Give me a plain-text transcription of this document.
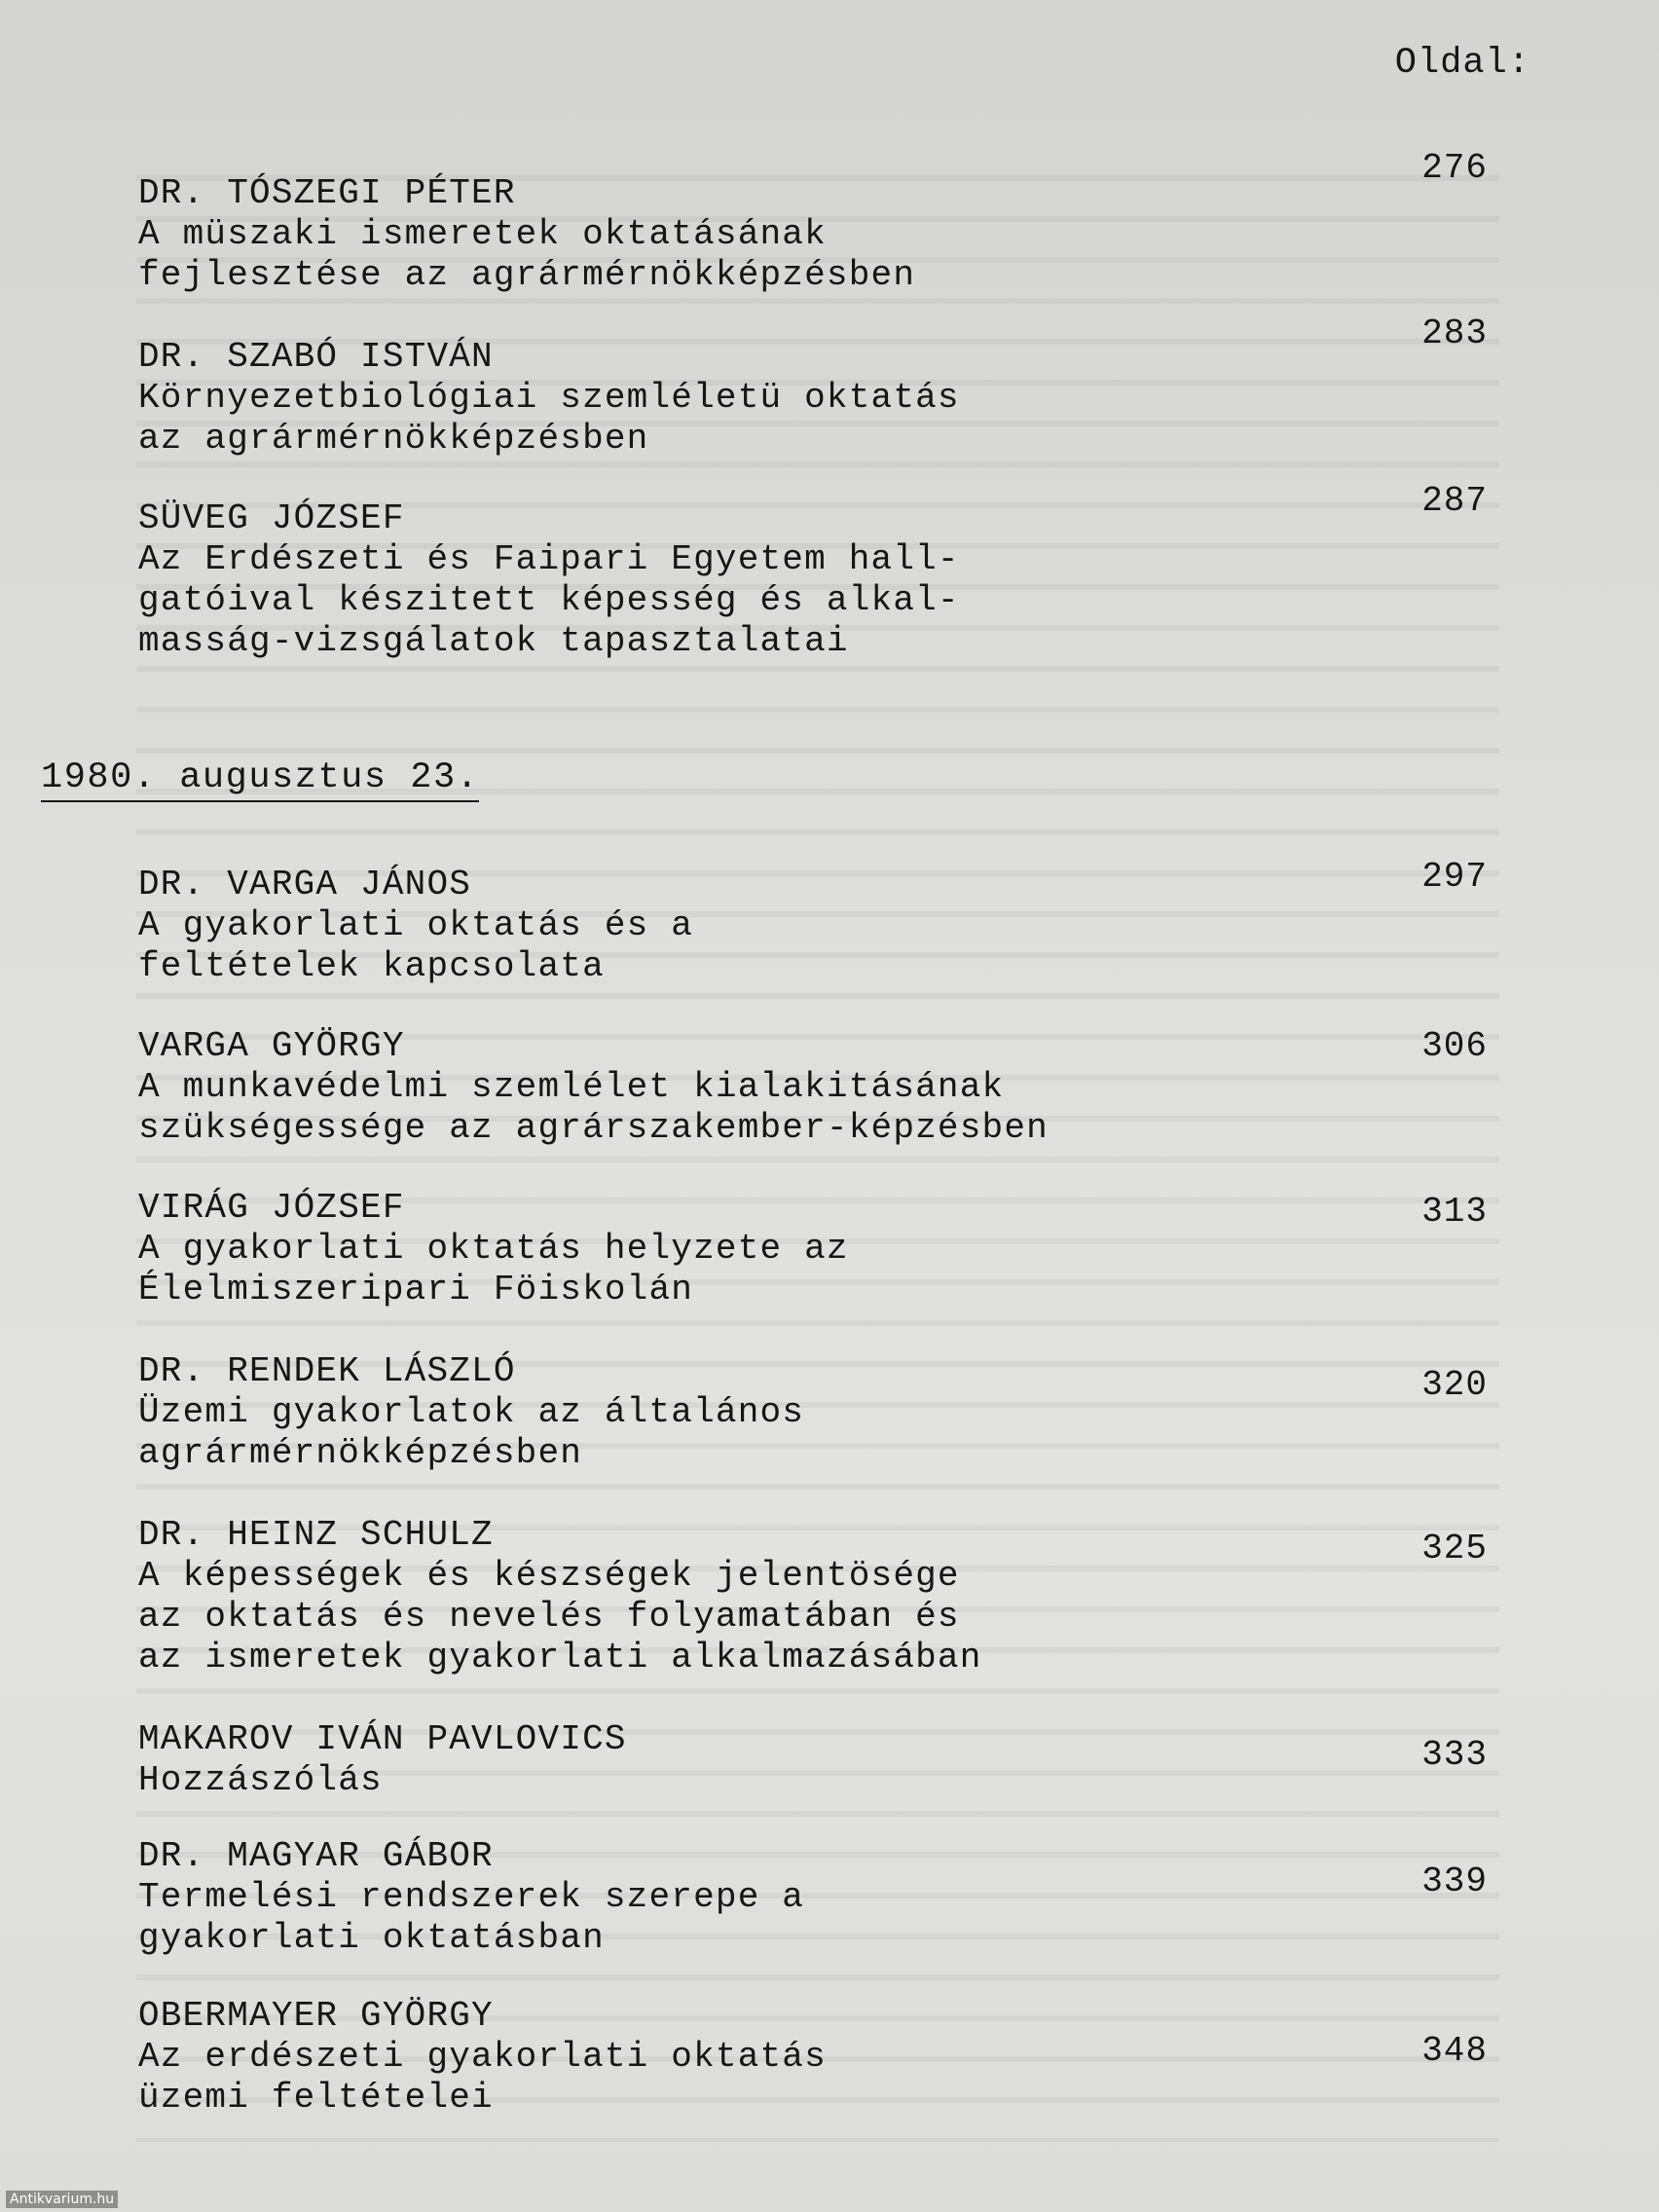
Oldal:
DR. TÓSZEGI PÉTER
A müszaki ismeretek oktatásának
fejlesztése az agrármérnökképzésben
276
DR. SZABÓ ISTVÁN
Környezetbiológiai szemléletü oktatás
az agrármérnökképzésben
283
SÜVEG JÓZSEF
Az Erdészeti és Faipari Egyetem hall-
gatóival készitett képesség és alkal-
masság-vizsgálatok tapasztalatai
287
1980. augusztus 23.
DR. VARGA JÁNOS
A gyakorlati oktatás és a
feltételek kapcsolata
297
VARGA GYÖRGY
A munkavédelmi szemlélet kialakitásának
szükségessége az agrárszakember-képzésben
306
VIRÁG JÓZSEF
A gyakorlati oktatás helyzete az
Élelmiszeripari Föiskolán
313
DR. RENDEK LÁSZLÓ
Üzemi gyakorlatok az általános
agrármérnökképzésben
320
DR. HEINZ SCHULZ
A képességek és készségek jelentösége
az oktatás és nevelés folyamatában és
az ismeretek gyakorlati alkalmazásában
325
MAKAROV IVÁN PAVLOVICS
Hozzászólás
333
DR. MAGYAR GÁBOR
Termelési rendszerek szerepe a
gyakorlati oktatásban
339
OBERMAYER GYÖRGY
Az erdészeti gyakorlati oktatás
üzemi feltételei
348
Antikvarium.hu
